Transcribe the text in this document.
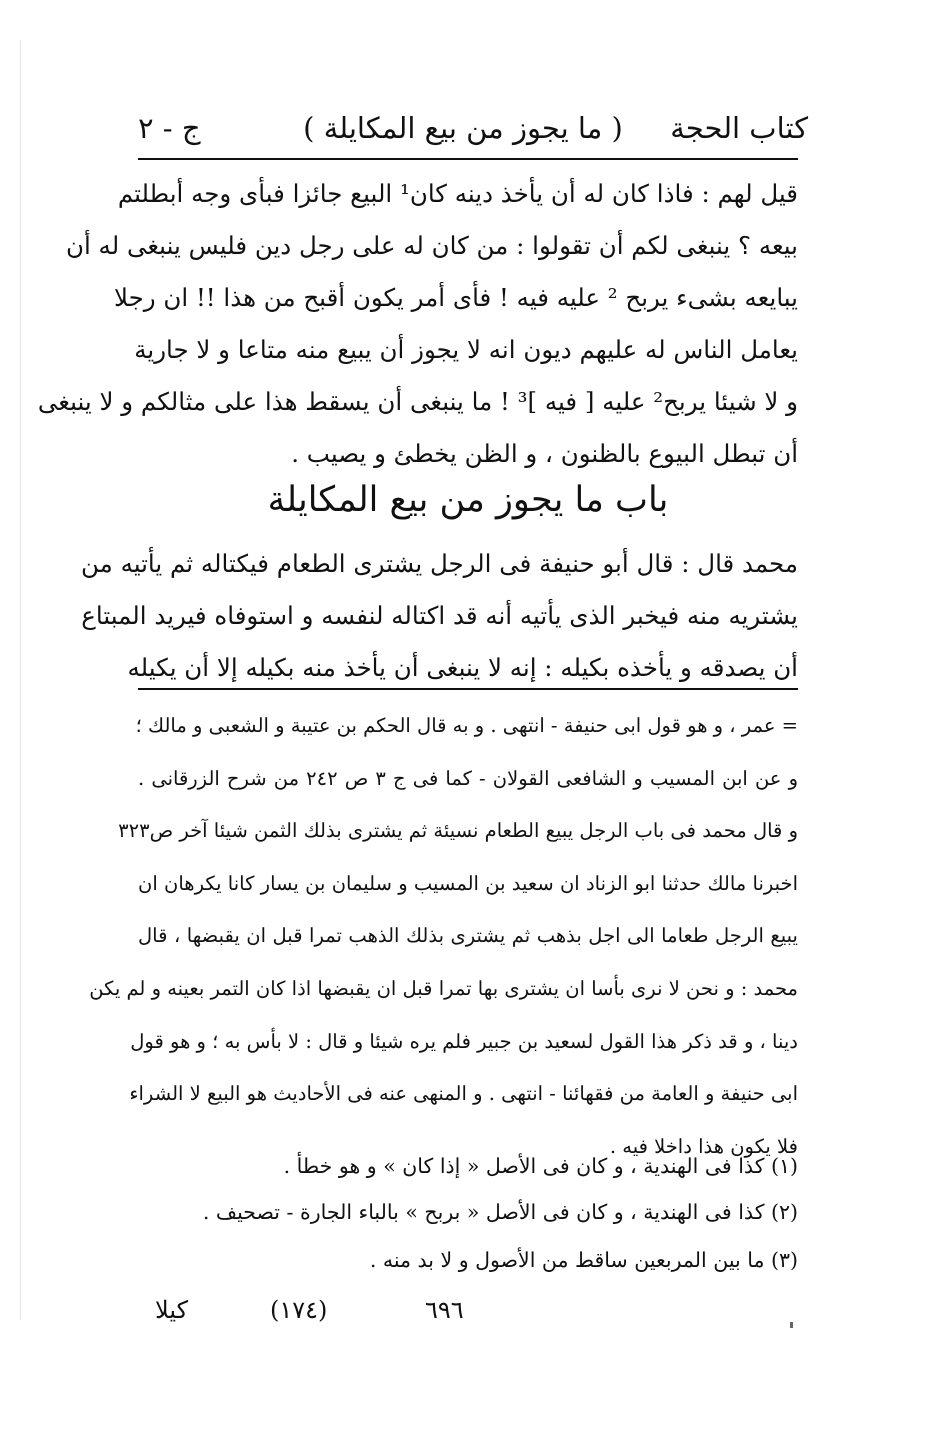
كتاب الحجة
( ما يجوز من بيع المكايلة )
ج - ٢

قيل لهم : فاذا كان له أن يأخذ دينه كان¹ البيع جائزا فبأى وجه أبطلتم

بيعه ؟ ينبغى لكم أن تقولوا : من كان له على رجل دين فليس ينبغى له أن

يبايعه بشىء يربح ² عليه فيه ! فأى أمر يكون أقبح من هذا !! ان رجلا

يعامل الناس له عليهم ديون انه لا يجوز أن يبيع منه متاعا و لا جارية

و لا شيئا يربح² عليه [ فيه ]³ ! ما ينبغى أن يسقط هذا على مثالكم و لا ينبغى

أن تبطل البيوع بالظنون ، و الظن يخطئ و يصيب .

باب ما يجوز من بيع المكايلة

محمد قال : قال أبو حنيفة فى الرجل يشترى الطعام فيكتاله ثم يأتيه من

يشتريه منه فيخبر الذى يأتيه أنه قد اكتاله لنفسه و استوفاه فيريد المبتاع

أن يصدقه و يأخذه بكيله : إنه لا ينبغى أن يأخذ منه بكيله إلا أن يكيله

= عمر ، و هو قول ابى حنيفة - انتهى . و به قال الحكم بن عتيبة و الشعبى و مالك ؛

و عن ابن المسيب و الشافعى القولان - كما فى ج ٣ ص ٢٤٢ من شرح الزرقانى .

و قال محمد فى باب الرجل يبيع الطعام نسيئة ثم يشترى بذلك الثمن شيئا آخر ص٣٢٣

اخبرنا مالك حدثنا ابو الزناد ان سعيد بن المسيب و سليمان بن يسار كانا يكرهان ان

يبيع الرجل طعاما الى اجل بذهب ثم يشترى بذلك الذهب تمرا قبل ان يقبضها ، قال

محمد : و نحن لا نرى بأسا ان يشترى بها تمرا قبل ان يقبضها اذا كان التمر بعينه و لم يكن

دينا ، و قد ذكر هذا القول لسعيد بن جبير فلم يره شيئا و قال : لا بأس به ؛ و هو قول

ابى حنيفة و العامة من فقهائنا - انتهى . و المنهى عنه فى الأحاديث هو البيع لا الشراء

فلا يكون هذا داخلا فيه .

(١) كذا فى الهندية ، و كان فى الأصل « إذا كان » و هو خطأ .
(٢) كذا فى الهندية ، و كان فى الأصل « بربح » بالباء الجارة - تصحيف .
(٣) ما بين المربعين ساقط من الأصول و لا بد منه .
كيلا	(١٧٤)	٦٩٦
